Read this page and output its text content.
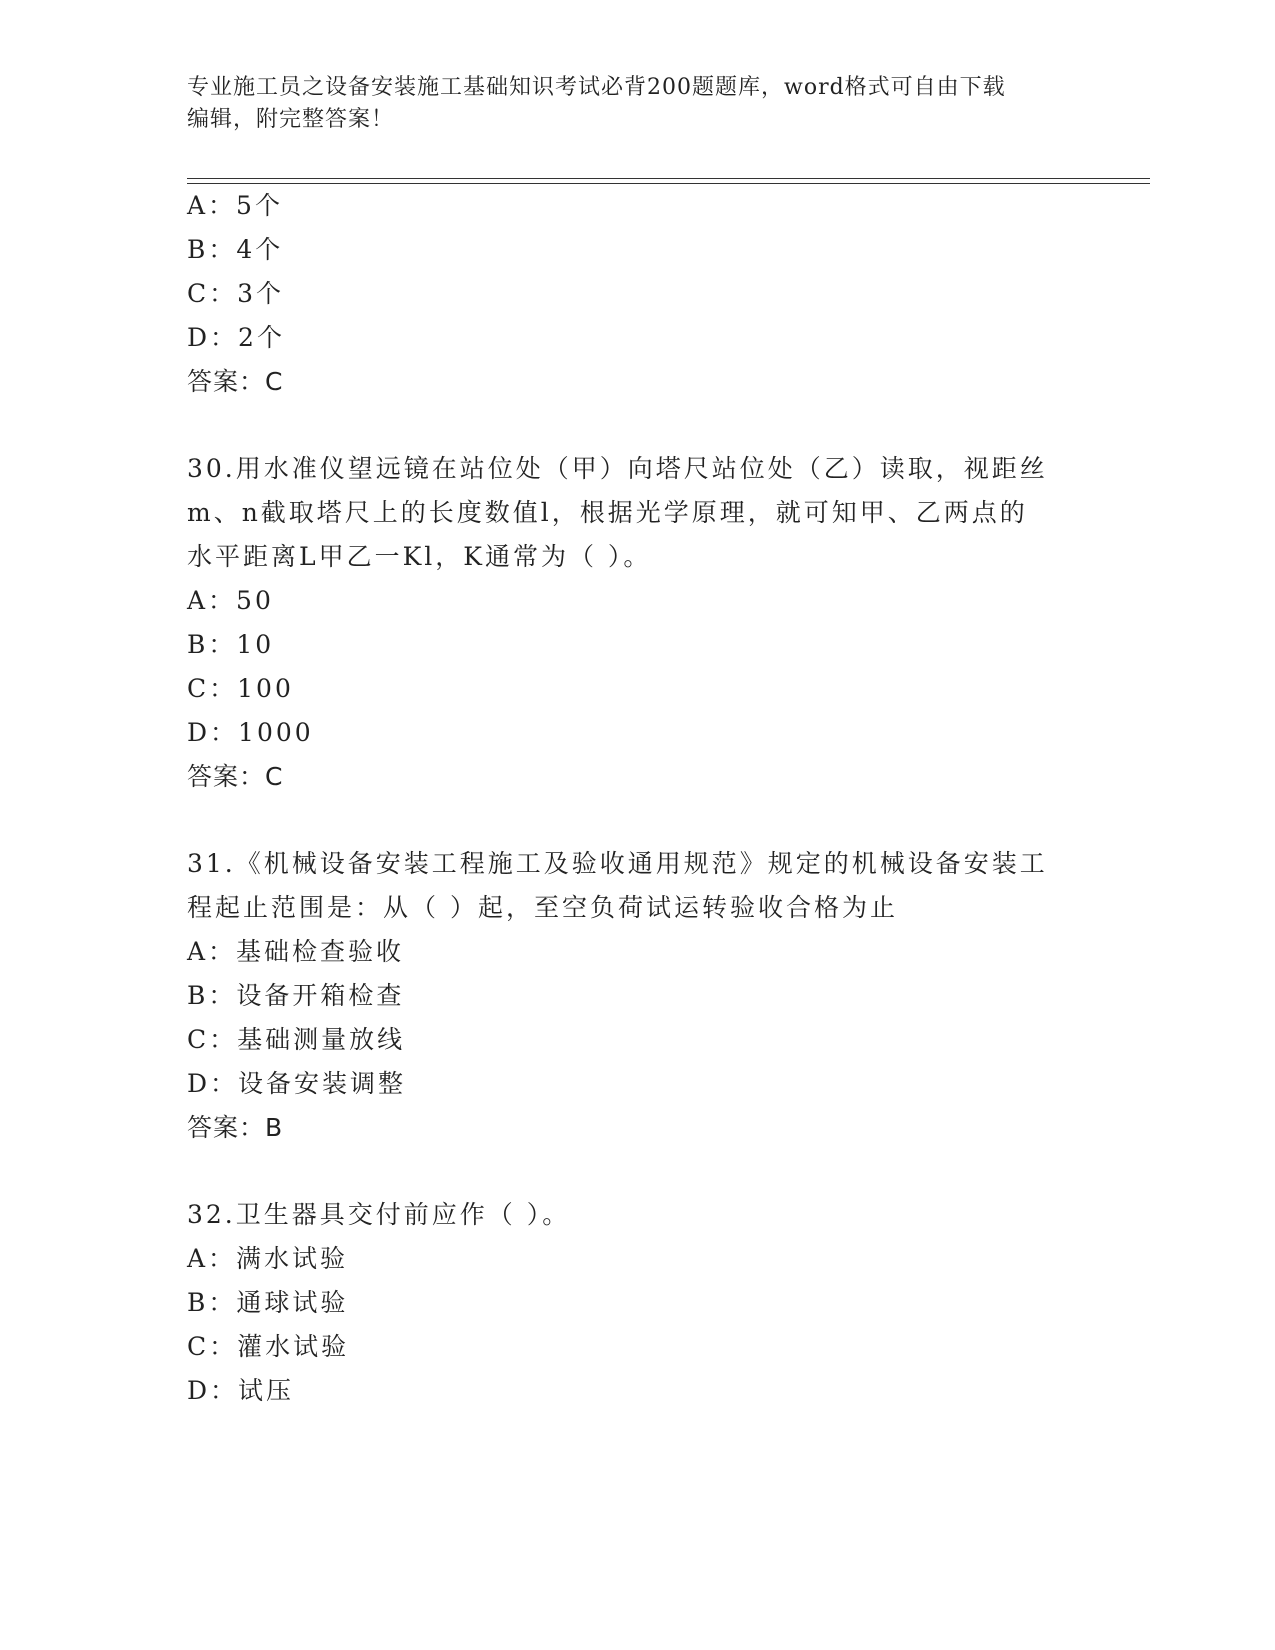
专业施工员之设备安装施工基础知识考试必背200题题库，word格式可自由下载
编辑，附完整答案！
A：5个
B：4个
C：3个
D：2个
答案：C
30.用水准仪望远镜在站位处（甲）向塔尺站位处（乙）读取，视距丝
m、n截取塔尺上的长度数值l，根据光学原理，就可知甲、乙两点的
水平距离L甲乙一Kl，K通常为（ ）。
A：50
B：10
C：100
D：1000
答案：C
31.《机械设备安装工程施工及验收通用规范》规定的机械设备安装工
程起止范围是：从（ ）起，至空负荷试运转验收合格为止
A：基础检查验收
B：设备开箱检查
C：基础测量放线
D：设备安装调整
答案：B
32.卫生器具交付前应作（ ）。
A：满水试验
B：通球试验
C：灌水试验
D：试压
